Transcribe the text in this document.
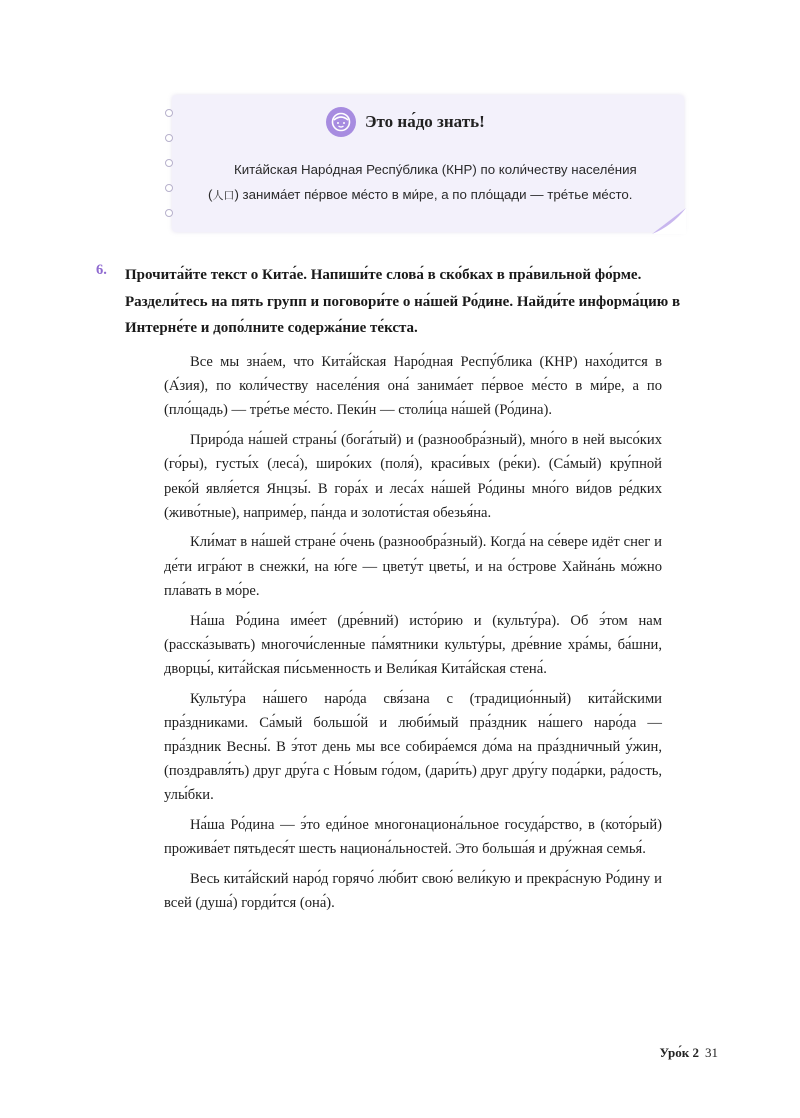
Это на́до знать!
Кита́йская Наро́дная Респу́блика (КНР) по коли́честву населе́ния
(人口) занима́ет пе́рвое ме́сто в ми́ре, а по пло́щади — тре́тье ме́сто.
6. Прочита́йте текст о Кита́е. Напиши́те слова́ в ско́бках в пра́вильной фо́рме. Раздели́тесь на пять групп и поговори́те о на́шей Ро́дине. Найди́те информа́цию в Интерне́те и допо́лните содержа́ние те́кста.

Все мы зна́ем, что Кита́йская Наро́дная Респу́блика (КНР) нахо́дится в (А́зия), по коли́честву населе́ния она́ занима́ет пе́рвое ме́сто в ми́ре, а по (пло́щадь) — тре́тье ме́сто. Пеки́н — столи́ца на́шей (Ро́дина).

Приро́да на́шей страны́ (бога́тый) и (разнообра́зный), мно́го в ней высо́ких (го́ры), густы́х (леса́), широ́ких (поля́), краси́вых (ре́ки). (Са́мый) кру́пной реко́й явля́ется Янцзы́. В гора́х и леса́х на́шей Ро́дины мно́го ви́дов ре́дких (живо́тные), наприме́р, па́нда и золоти́стая обезья́на.

Кли́мат в на́шей стране́ о́чень (разнообра́зный). Когда́ на се́вере идёт снег и де́ти игра́ют в снежки́, на ю́ге — цвету́т цветы́, и на о́строве Хайна́нь мо́жно пла́вать в мо́ре.

На́ша Ро́дина име́ет (дре́вний) исто́рию и (культу́ра). Об э́том нам (расска́зывать) многочи́сленные па́мятники культу́ры, дре́вние хра́мы, ба́шни, дворцы́, кита́йская пи́сьменность и Вели́кая Кита́йская стена́.

Культу́ра на́шего наро́да свя́зана с (традицио́нный) кита́йскими пра́здниками. Са́мый большо́й и люби́мый пра́здник на́шего наро́да — пра́здник Весны́. В э́тот день мы все собира́емся до́ма на пра́здничный у́жин, (поздравля́ть) друг дру́га с Но́вым го́дом, (дари́ть) друг дру́гу пода́рки, ра́дость, улы́бки.

На́ша Ро́дина — э́то еди́ное многонациона́льное госуда́рство, в (кото́рый) прожива́ет пятьдеся́т шесть национа́льностей. Это больша́я и дру́жная семья́.

Весь кита́йский наро́д горячо́ лю́бит свою́ вели́кую и прекра́сную Ро́дину и всей (душа́) горди́тся (она́).

Уро́к 2 31
